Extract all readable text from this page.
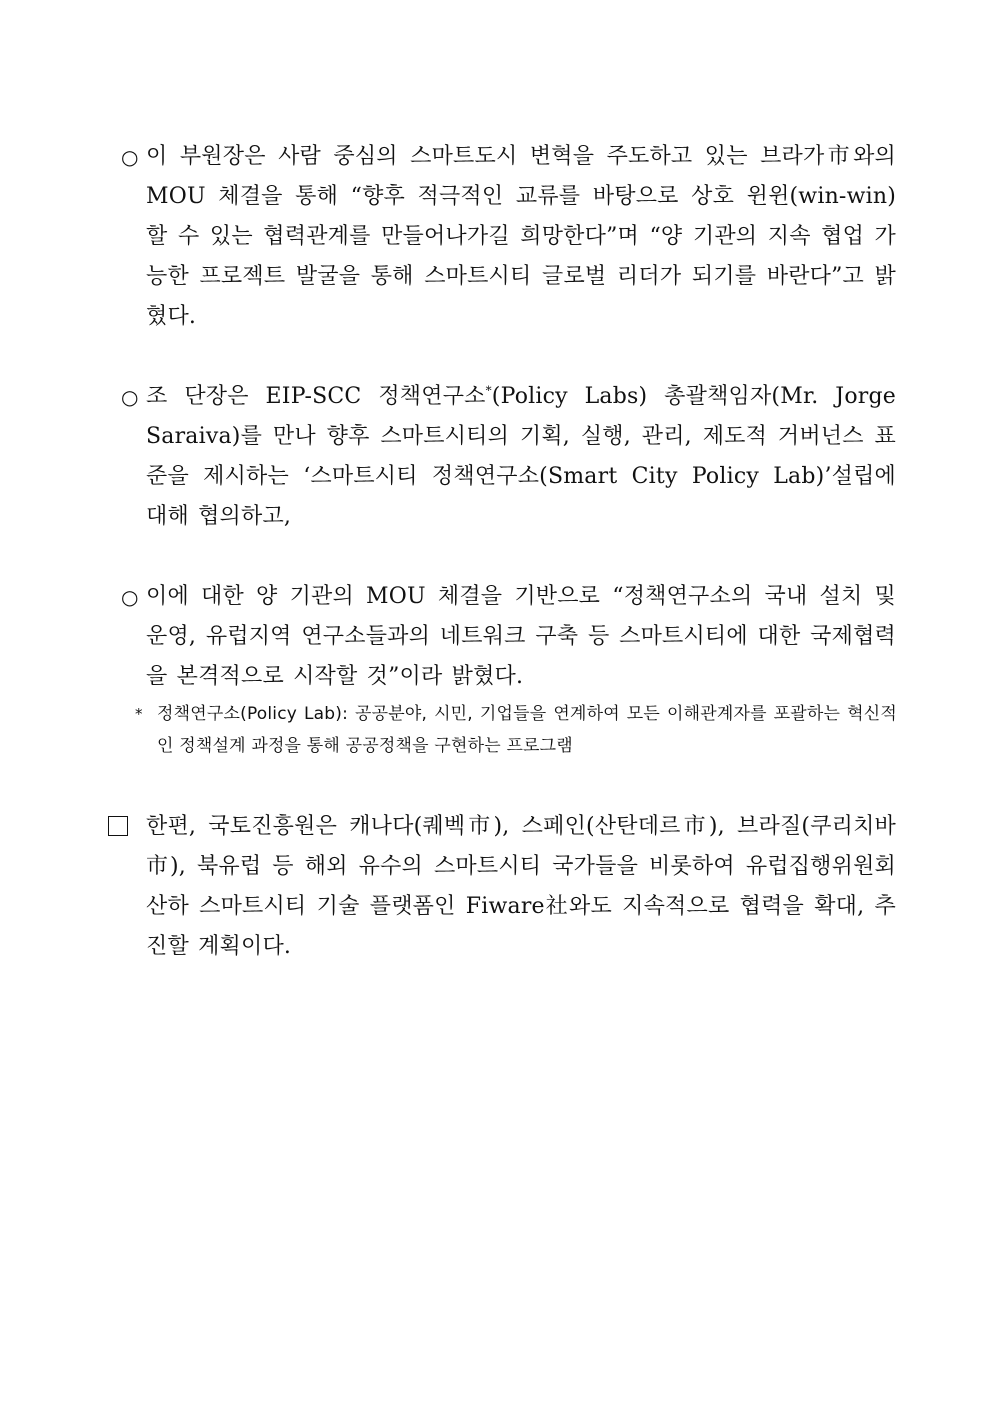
○ 이 부원장은 사람 중심의 스마트도시 변혁을 주도하고 있는 브라가市와의 MOU 체결을 통해 “향후 적극적인 교류를 바탕으로 상호 윈윈(win-win) 할 수 있는 협력관계를 만들어나가길 희망한다”며 “양 기관의 지속 협업 가능한 프로젝트 발굴을 통해 스마트시티 글로벌 리더가 되기를 바란다”고 밝혔다.
○ 조 단장은 EIP-SCC 정책연구소*(Policy Labs) 총괄책임자(Mr. Jorge Saraiva)를 만나 향후 스마트시티의 기획, 실행, 관리, 제도적 거버넌스 표준을 제시하는 ‘스마트시티 정책연구소(Smart City Policy Lab)’설립에 대해 협의하고,
○ 이에 대한 양 기관의 MOU 체결을 기반으로 “정책연구소의 국내 설치 및 운영, 유럽지역 연구소들과의 네트워크 구축 등 스마트시티에 대한 국제협력을 본격적으로 시작할 것”이라 밝혔다.
* 정책연구소(Policy Lab): 공공분야, 시민, 기업들을 연계하여 모든 이해관계자를 포괄하는 혁신적인 정책설계 과정을 통해 공공정책을 구현하는 프로그램
한편, 국토진흥원은 캐나다(퀘벡市), 스페인(산탄데르市), 브라질(쿠리치바市), 북유럽 등 해외 유수의 스마트시티 국가들을 비롯하여 유럽집행위원회 산하 스마트시티 기술 플랫폼인 Fiware社와도 지속적으로 협력을 확대, 추진할 계획이다.
